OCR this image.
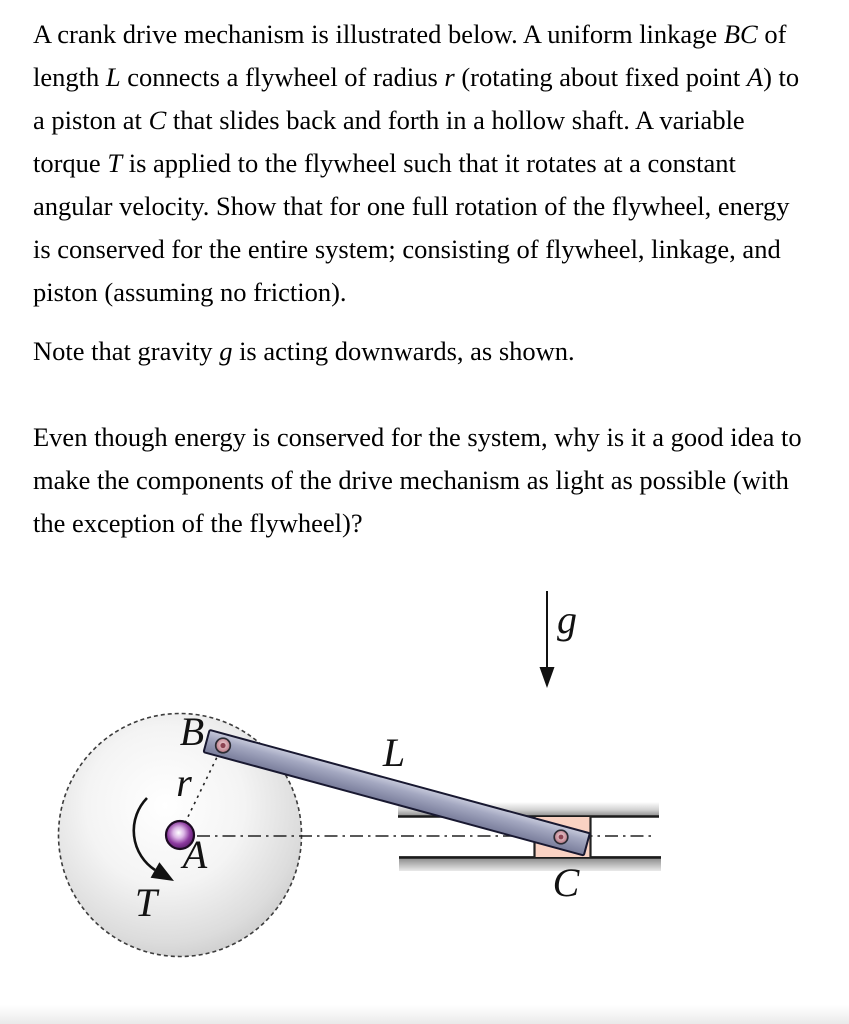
A crank drive mechanism is illustrated below. A uniform linkage BC of
length L connects a flywheel of radius r (rotating about fixed point A) to
a piston at C that slides back and forth in a hollow shaft. A variable
torque T is applied to the flywheel such that it rotates at a constant
angular velocity. Show that for one full rotation of the flywheel, energy
is conserved for the entire system; consisting of flywheel, linkage, and
piston (assuming no friction).

Note that gravity g is acting downwards, as shown.

Even though energy is conserved for the system, why is it a good idea to
make the components of the drive mechanism as light as possible (with
the exception of the flywheel)?

g
B
r
A
T
L
C
